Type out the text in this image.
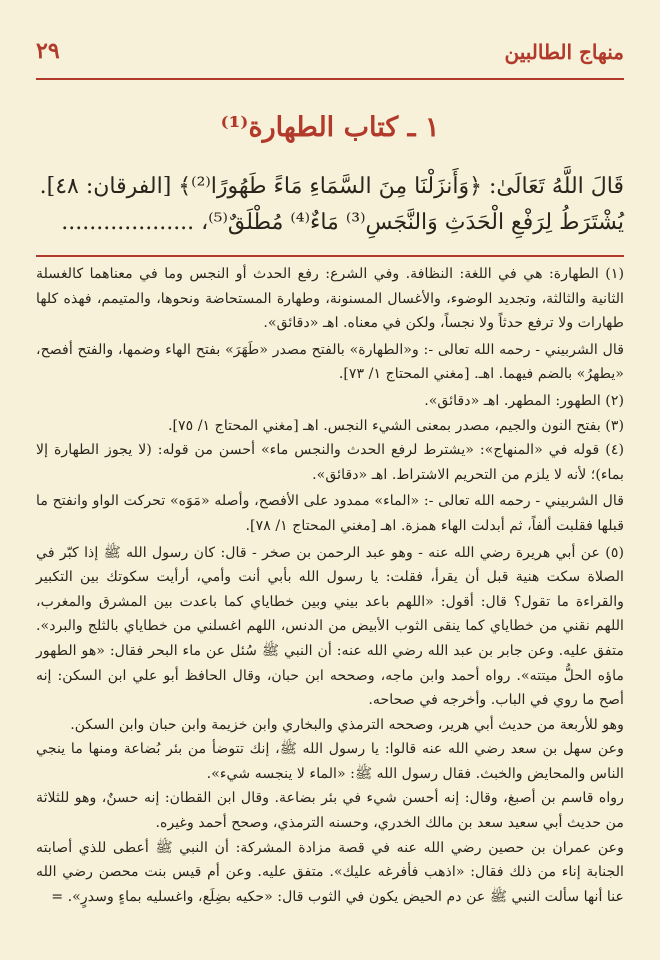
منهاج الطالبين
٢٩
١ ـ كتاب الطهارة⁽¹⁾
قَالَ اللَّهُ تَعَالَىٰ: ﴿وَأَنزَلْنَا مِنَ السَّمَاءِ مَاءً طَهُورًا⁽²⁾﴾ [الفرقان: ٤٨].
يُشْتَرَطُ لِرَفْعِ الْحَدَثِ وَالنَّجَسِ⁽³⁾ مَاءٌ⁽⁴⁾ مُطْلَقٌ⁽⁵⁾، ...................

(١) الطهارة: هي في اللغة: النظافة. وفي الشرع: رفع الحدث أو النجس وما في معناهما كالغسلة الثانية والثالثة، وتجديد الوضوء، والأغسال المسنونة، وطهارة المستحاضة ونحوها، والمتيمم، فهذه كلها طهارات ولا ترفع حدثاً ولا نجساً، ولكن في معناه. اهـ «دقائق».

قال الشربيني - رحمه الله تعالى -: و«الطهارة» بالفتح مصدر «طَهَرَ» بفتح الهاء وضمها، والفتح أفصح، «يطهرُ» بالضم فيهما. اهـ. [مغني المحتاج ١/ ٧٣].

(٢) الطهور: المطهر. اهـ «دقائق».

(٣) بفتح النون والجيم، مصدر بمعنى الشيء النجس. اهـ [مغني المحتاج ١/ ٧٥].

(٤) قوله في «المنهاج»: «يشترط لرفع الحدث والنجس ماء» أحسن من قوله: (لا يجوز الطهارة إلا بماء)؛ لأنه لا يلزم من التحريم الاشتراط. اهـ «دقائق».

قال الشربيني - رحمه الله تعالى -: «الماء» ممدود على الأفصح، وأصله «مَوَه» تحركت الواو وانفتح ما قبلها فقلبت ألفاً، ثم أبدلت الهاء همزة. اهـ [مغني المحتاج ١/ ٧٨].

(٥) عن أبي هريرة رضي الله عنه - وهو عبد الرحمن بن صخر - قال: كان رسول الله ﷺ إذا كبّر في الصلاة سكت هنية قبل أن يقرأ، فقلت: يا رسول الله بأبي أنت وأمي، أرأيت سكوتك بين التكبير والقراءة ما تقول؟ قال: أقول: «اللهم باعد بيني وبين خطاياي كما باعدت بين المشرق والمغرب، اللهم نقني من خطاياي كما ينقى الثوب الأبيض من الدنس، اللهم اغسلني من خطاياي بالثلج والبرد». متفق عليه. وعن جابر بن عبد الله رضي الله عنه: أن النبي ﷺ سُئل عن ماء البحر فقال: «هو الطهور ماؤه الحلُّ ميتته». رواه أحمد وابن ماجه، وصححه ابن حبان، وقال الحافظ أبو علي ابن السكن: إنه أصح ما روي في الباب. وأخرجه في صحاحه.

وهو للأربعة من حديث أبي هرير، وصححه الترمذي والبخاري وابن خزيمة وابن حبان وابن السكن.

وعن سهل بن سعد رضي الله عنه قالوا: يا رسول الله ﷺ، إنك تتوضأ من بئر بُضاعة ومنها ما ينجي الناس والمحايض والخبث. فقال رسول الله ﷺ: «الماء لا ينجسه شيء».

رواه قاسم بن أصبغ، وقال: إنه أحسن شيء في بئر بضاعة. وقال ابن القطان: إنه حسنٌ، وهو للثلاثة من حديث أبي سعيد سعد بن مالك الخدري، وحسنه الترمذي، وصحح أحمد وغيره.

وعن عمران بن حصين رضي الله عنه في قصة مزادة المشركة: أن النبي ﷺ أعطى للذي أصابته الجنابة إناء من ذلك فقال: «اذهب فأفرغه عليك». متفق عليه. وعن أم قيس بنت محصن رضي الله عنا أنها سألت النبي ﷺ عن دم الحيض يكون في الثوب قال: «حكيه بضِلَع، واغسليه بماءٍ وسدرٍ». =
